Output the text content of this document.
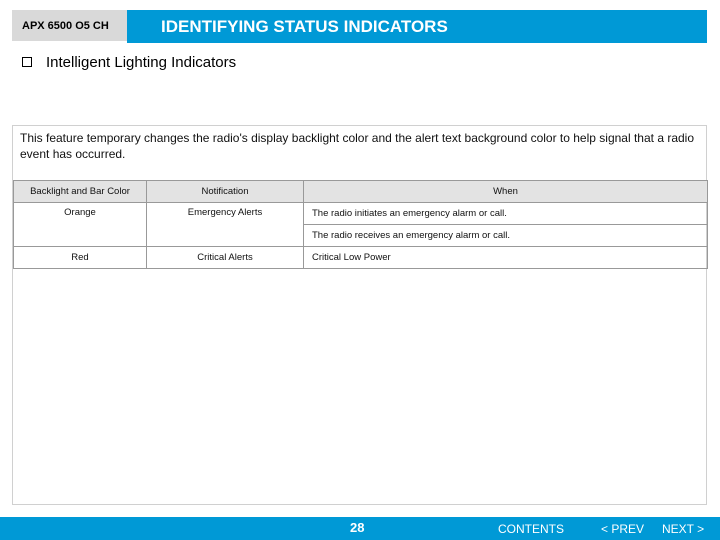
APX 6500 O5 CH	IDENTIFYING STATUS INDICATORS
Intelligent Lighting Indicators
This feature temporary changes the radio's display backlight color and the alert text background color to help signal that a radio event has occurred.
Backlight and Bar Color	Notification	When
Orange	Emergency Alerts	The radio initiates an emergency alarm or call.
		The radio receives an emergency alarm or call.
Red	Critical Alerts	Critical Low Power
28	CONTENTS	< PREV NEXT >
